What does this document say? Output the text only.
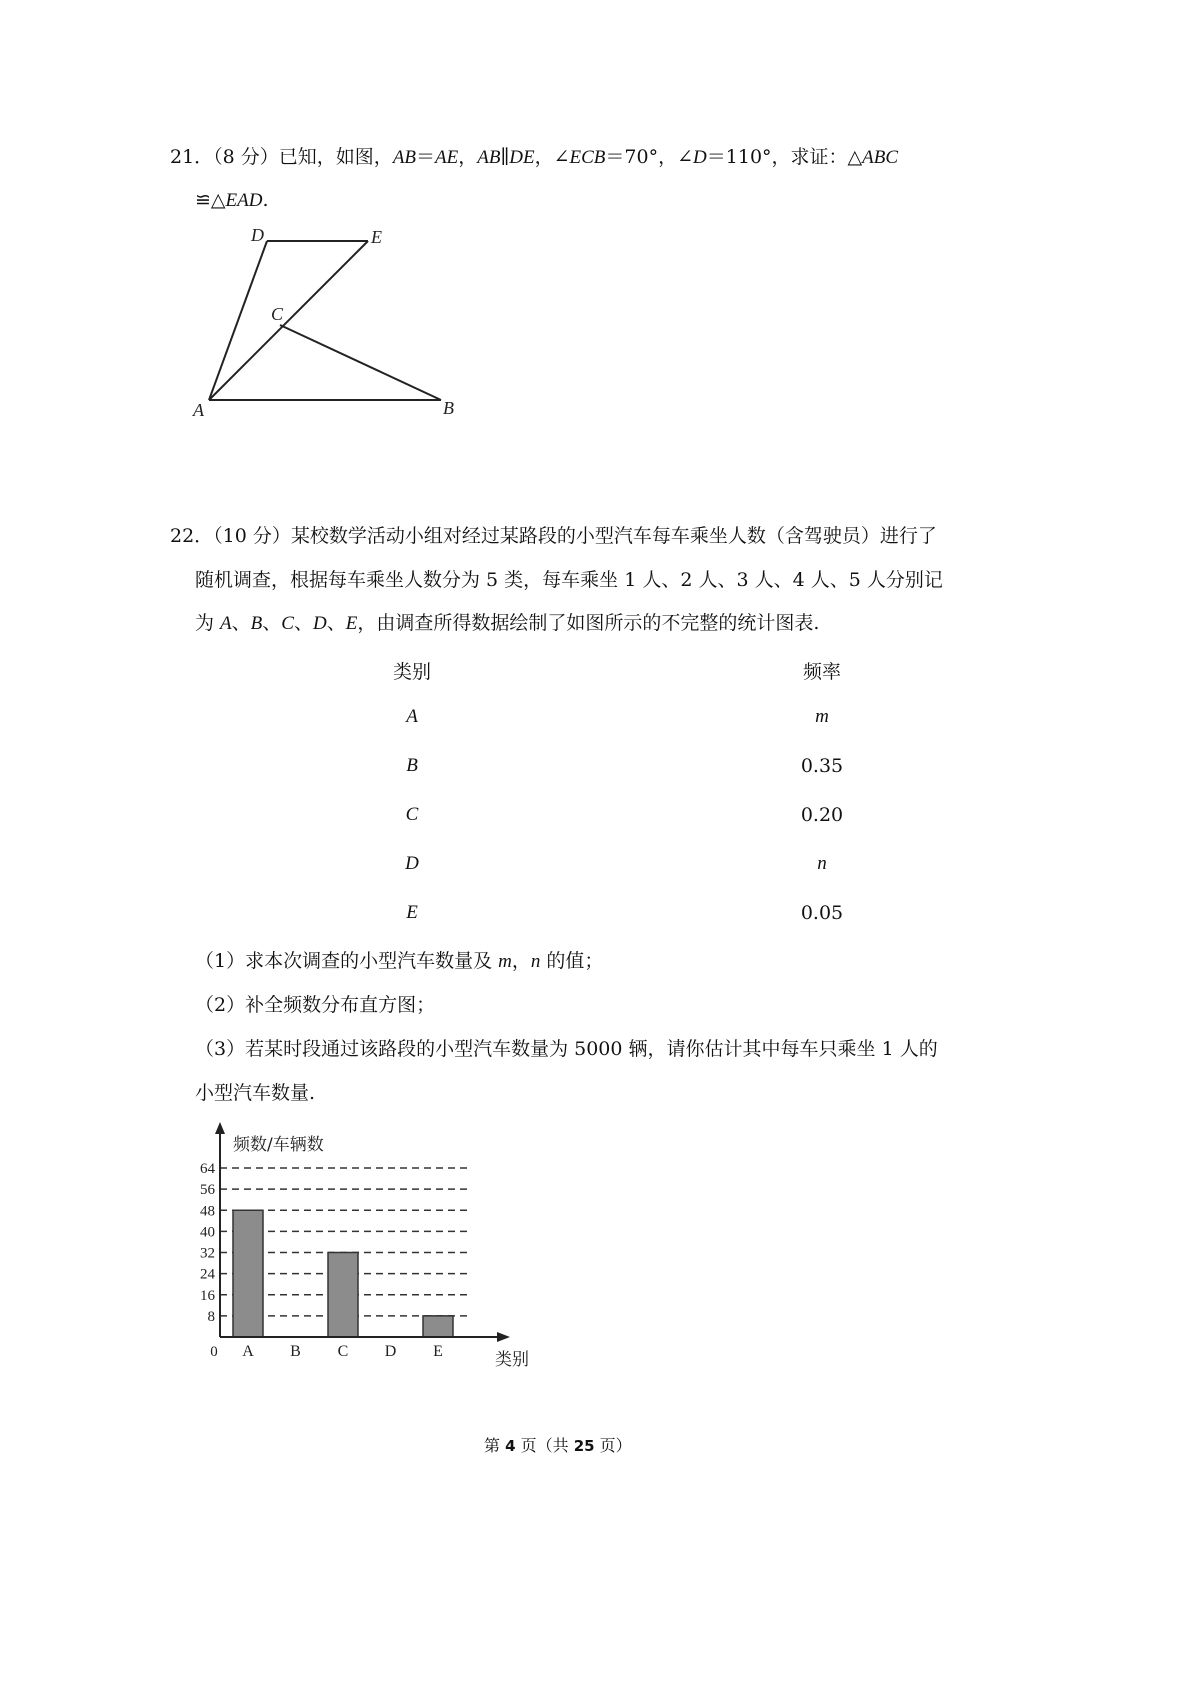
21．（8 分）已知，如图，AB＝AE，AB∥DE，∠ECB＝70°，∠D＝110°，求证：△ABC
≌△EAD.
D	E
C
A	B
22．（10 分）某校数学活动小组对经过某路段的小型汽车每车乘坐人数（含驾驶员）进行了
随机调查，根据每车乘坐人数分为 5 类，每车乘坐 1 人、2 人、3 人、4 人、5 人分别记
为 A、B、C、D、E，由调查所得数据绘制了如图所示的不完整的统计图表.
类别	频率
A	m
B	0.35
C	0.20
D	n
E	0.05
（1）求本次调查的小型汽车数量及 m，n 的值；
（2）补全频数分布直方图；
（3）若某时段通过该路段的小型汽车数量为 5000 辆，请你估计其中每车只乘坐 1 人的
小型汽车数量.
8
16
24
32
40
48
56
64
A B C D E
频数/车辆数
类别
0
第 4 页（共 25 页）
